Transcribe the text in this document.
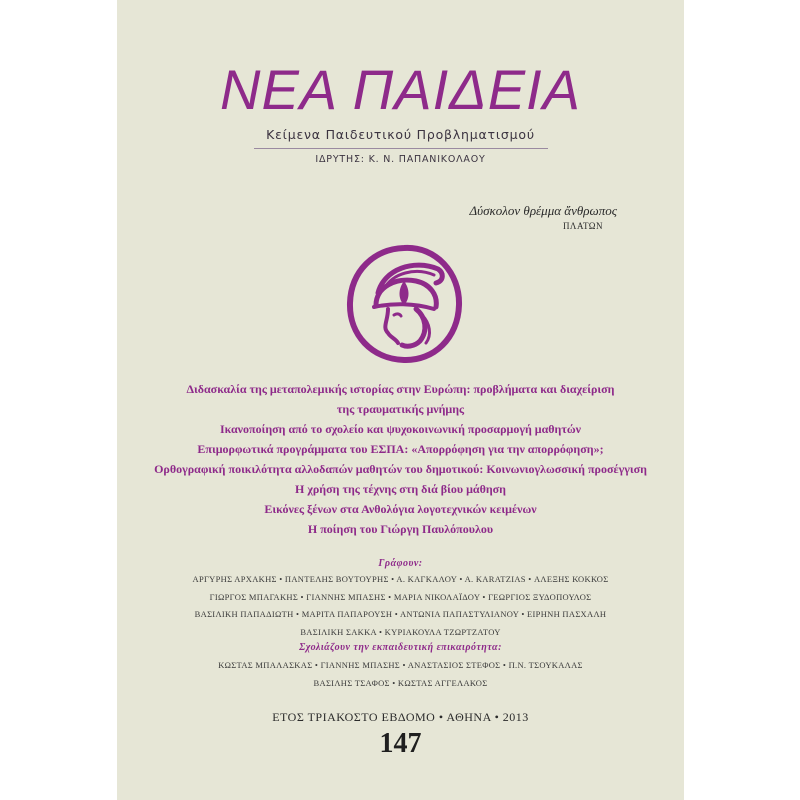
ΝΕΑ ΠΑΙΔΕΙΑ
Κείμενα Παιδευτικού Προβληματισμού
ΙΔΡΥΤΗΣ: Κ. Ν. ΠΑΠΑΝΙΚΟΛΑΟΥ
Δύσκολον θρέμμα ἄνθρωπος
ΠΛΑΤΩΝ
Διδασκαλία της μεταπολεμικής ιστορίας στην Ευρώπη: προβλήματα και διαχείριση
της τραυματικής μνήμης
Ικανοποίηση από το σχολείο και ψυχοκοινωνική προσαρμογή μαθητών
Επιμορφωτικά προγράμματα του ΕΣΠΑ: «Απορρόφηση για την απορρόφηση»;
Ορθογραφική ποικιλότητα αλλοδαπών μαθητών του δημοτικού: Κοινωνιογλωσσική προσέγγιση
Η χρήση της τέχνης στη διά βίου μάθηση
Εικόνες ξένων στα Ανθολόγια λογοτεχνικών κειμένων
Η ποίηση του Γιώργη Παυλόπουλου
Γράφουν:
ΑΡΓΥΡΗΣ ΑΡΧΑΚΗΣ • ΠΑΝΤΕΛΗΣ ΒΟΥΤΟΥΡΗΣ • Α. ΚΑΓΚΑΛΟΥ • Α. KARATZIAS • ΑΛΕΞΗΣ ΚΟΚΚΟΣ
ΓΙΩΡΓΟΣ ΜΠΑΓΑΚΗΣ • ΓΙΑΝΝΗΣ ΜΠΑΣΗΣ • ΜΑΡΙΑ ΝΙΚΟΛΑΪΔΟΥ • ΓΕΩΡΓΙΟΣ ΞΥΔΟΠΟΥΛΟΣ
ΒΑΣΙΛΙΚΗ ΠΑΠΑΔΙΩΤΗ • ΜΑΡΙΤΑ ΠΑΠΑΡΟΥΣΗ • ΑΝΤΩΝΙΑ ΠΑΠΑΣΤΥΛΙΑΝΟΥ • ΕΙΡΗΝΗ ΠΑΣΧΑΛΗ
ΒΑΣΙΛΙΚΗ ΣΑΚΚΑ • ΚΥΡΙΑΚΟΥΛΑ ΤΖΩΡΤΖΑΤΟΥ
Σχολιάζουν την εκπαιδευτική επικαιρότητα:
ΚΩΣΤΑΣ ΜΠΑΛΑΣΚΑΣ • ΓΙΑΝΝΗΣ ΜΠΑΣΗΣ • ΑΝΑΣΤΑΣΙΟΣ ΣΤΕΦΟΣ • Π.Ν. ΤΣΟΥΚΑΛΑΣ
ΒΑΣΙΛΗΣ ΤΣΑΦΟΣ • ΚΩΣΤΑΣ ΑΓΓΕΛΑΚΟΣ
ΕΤΟΣ ΤΡΙΑΚΟΣΤΟ ΕΒΔΟΜΟ • ΑΘΗΝΑ • 2013
147
